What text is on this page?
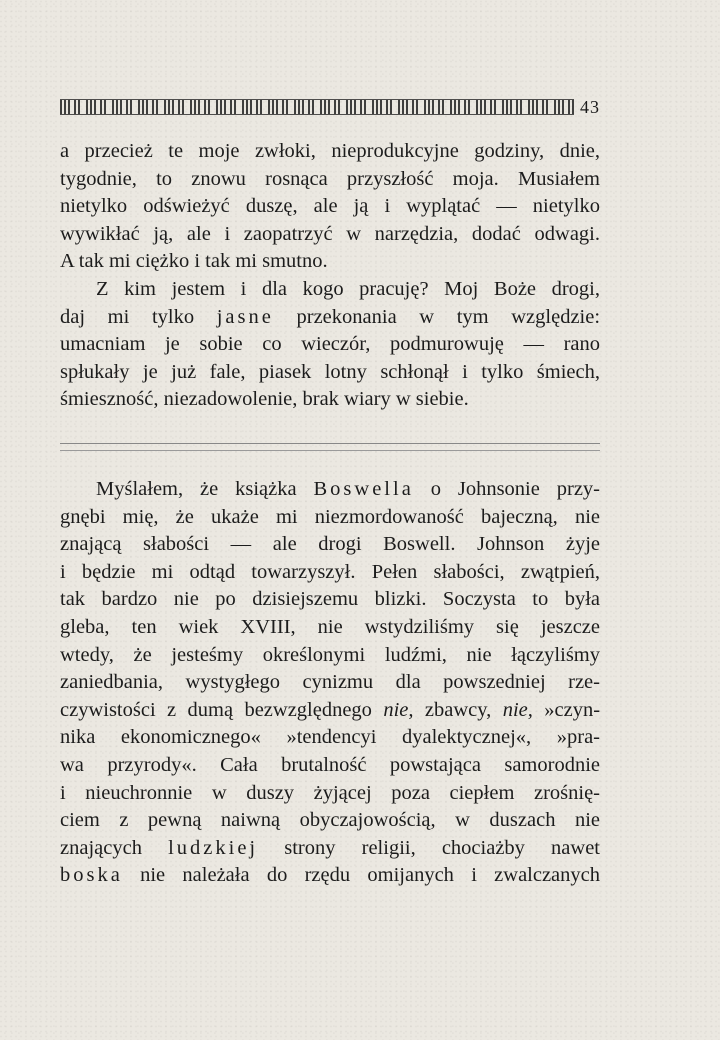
43
a przecież te moje zwłoki, nieprodukcyjne godziny, dnie,
tygodnie, to znowu rosnąca przyszłość moja. Musiałem
nietylko odświeżyć duszę, ale ją i wyplątać — nietylko
wywikłać ją, ale i zaopatrzyć w narzędzia, dodać odwagi.
A tak mi ciężko i tak mi smutno.
Z kim jestem i dla kogo pracuję? Moj Boże drogi,
daj mi tylko jasne przekonania w tym względzie:
umacniam je sobie co wieczór, podmurowuję — rano
spłukały je już fale, piasek lotny schłonął i tylko śmiech,
śmieszność, niezadowolenie, brak wiary w siebie.
Myślałem, że książka Boswella o Johnsonie przy-
gnębi mię, że ukaże mi niezmordowaność bajeczną, nie
znającą słabości — ale drogi Boswell. Johnson żyje
i będzie mi odtąd towarzyszył. Pełen słabości, zwątpień,
tak bardzo nie po dzisiejszemu blizki. Soczysta to była
gleba, ten wiek XVIII, nie wstydziliśmy się jeszcze
wtedy, że jesteśmy określonymi ludźmi, nie łączyliśmy
zaniedbania, wystygłego cynizmu dla powszedniej rze-
czywistości z dumą bezwzględnego nie, zbawcy, nie, »czyn-
nika ekonomicznego« »tendencyi dyalektycznej«, »pra-
wa przyrody«. Cała brutalność powstająca samorodnie
i nieuchronnie w duszy żyjącej poza ciepłem zrośnię-
ciem z pewną naiwną obyczajowością, w duszach nie
znających ludzkiej strony religii, chociażby nawet
boska nie należała do rzędu omijanych i zwalczanych
